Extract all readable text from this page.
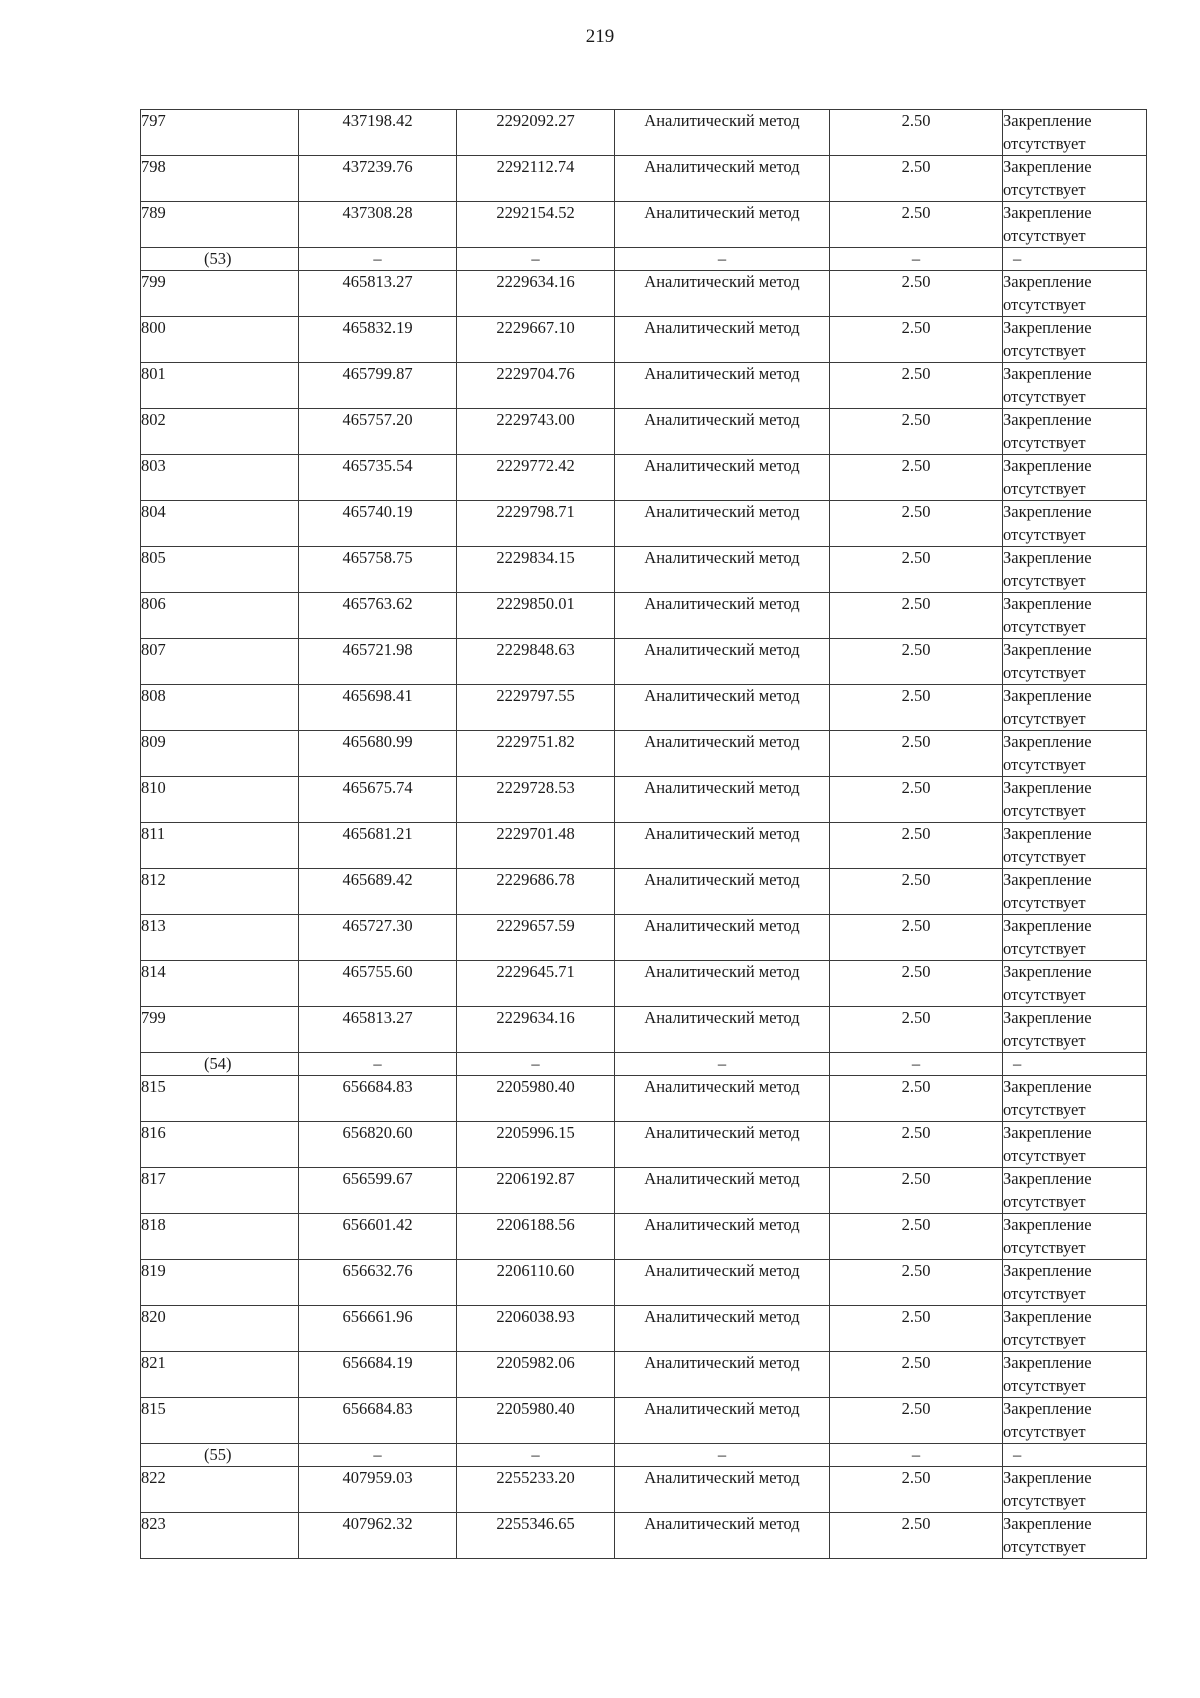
219
797	437198.42	2292092.27	Аналитический метод	2.50	Закрепление отсутствует
798	437239.76	2292112.74	Аналитический метод	2.50	Закрепление отсутствует
789	437308.28	2292154.52	Аналитический метод	2.50	Закрепление отсутствует
(53)	–	–	–	–	–
799	465813.27	2229634.16	Аналитический метод	2.50	Закрепление отсутствует
800	465832.19	2229667.10	Аналитический метод	2.50	Закрепление отсутствует
801	465799.87	2229704.76	Аналитический метод	2.50	Закрепление отсутствует
802	465757.20	2229743.00	Аналитический метод	2.50	Закрепление отсутствует
803	465735.54	2229772.42	Аналитический метод	2.50	Закрепление отсутствует
804	465740.19	2229798.71	Аналитический метод	2.50	Закрепление отсутствует
805	465758.75	2229834.15	Аналитический метод	2.50	Закрепление отсутствует
806	465763.62	2229850.01	Аналитический метод	2.50	Закрепление отсутствует
807	465721.98	2229848.63	Аналитический метод	2.50	Закрепление отсутствует
808	465698.41	2229797.55	Аналитический метод	2.50	Закрепление отсутствует
809	465680.99	2229751.82	Аналитический метод	2.50	Закрепление отсутствует
810	465675.74	2229728.53	Аналитический метод	2.50	Закрепление отсутствует
811	465681.21	2229701.48	Аналитический метод	2.50	Закрепление отсутствует
812	465689.42	2229686.78	Аналитический метод	2.50	Закрепление отсутствует
813	465727.30	2229657.59	Аналитический метод	2.50	Закрепление отсутствует
814	465755.60	2229645.71	Аналитический метод	2.50	Закрепление отсутствует
799	465813.27	2229634.16	Аналитический метод	2.50	Закрепление отсутствует
(54)	–	–	–	–	–
815	656684.83	2205980.40	Аналитический метод	2.50	Закрепление отсутствует
816	656820.60	2205996.15	Аналитический метод	2.50	Закрепление отсутствует
817	656599.67	2206192.87	Аналитический метод	2.50	Закрепление отсутствует
818	656601.42	2206188.56	Аналитический метод	2.50	Закрепление отсутствует
819	656632.76	2206110.60	Аналитический метод	2.50	Закрепление отсутствует
820	656661.96	2206038.93	Аналитический метод	2.50	Закрепление отсутствует
821	656684.19	2205982.06	Аналитический метод	2.50	Закрепление отсутствует
815	656684.83	2205980.40	Аналитический метод	2.50	Закрепление отсутствует
(55)	–	–	–	–	–
822	407959.03	2255233.20	Аналитический метод	2.50	Закрепление отсутствует
823	407962.32	2255346.65	Аналитический метод	2.50	Закрепление отсутствует
